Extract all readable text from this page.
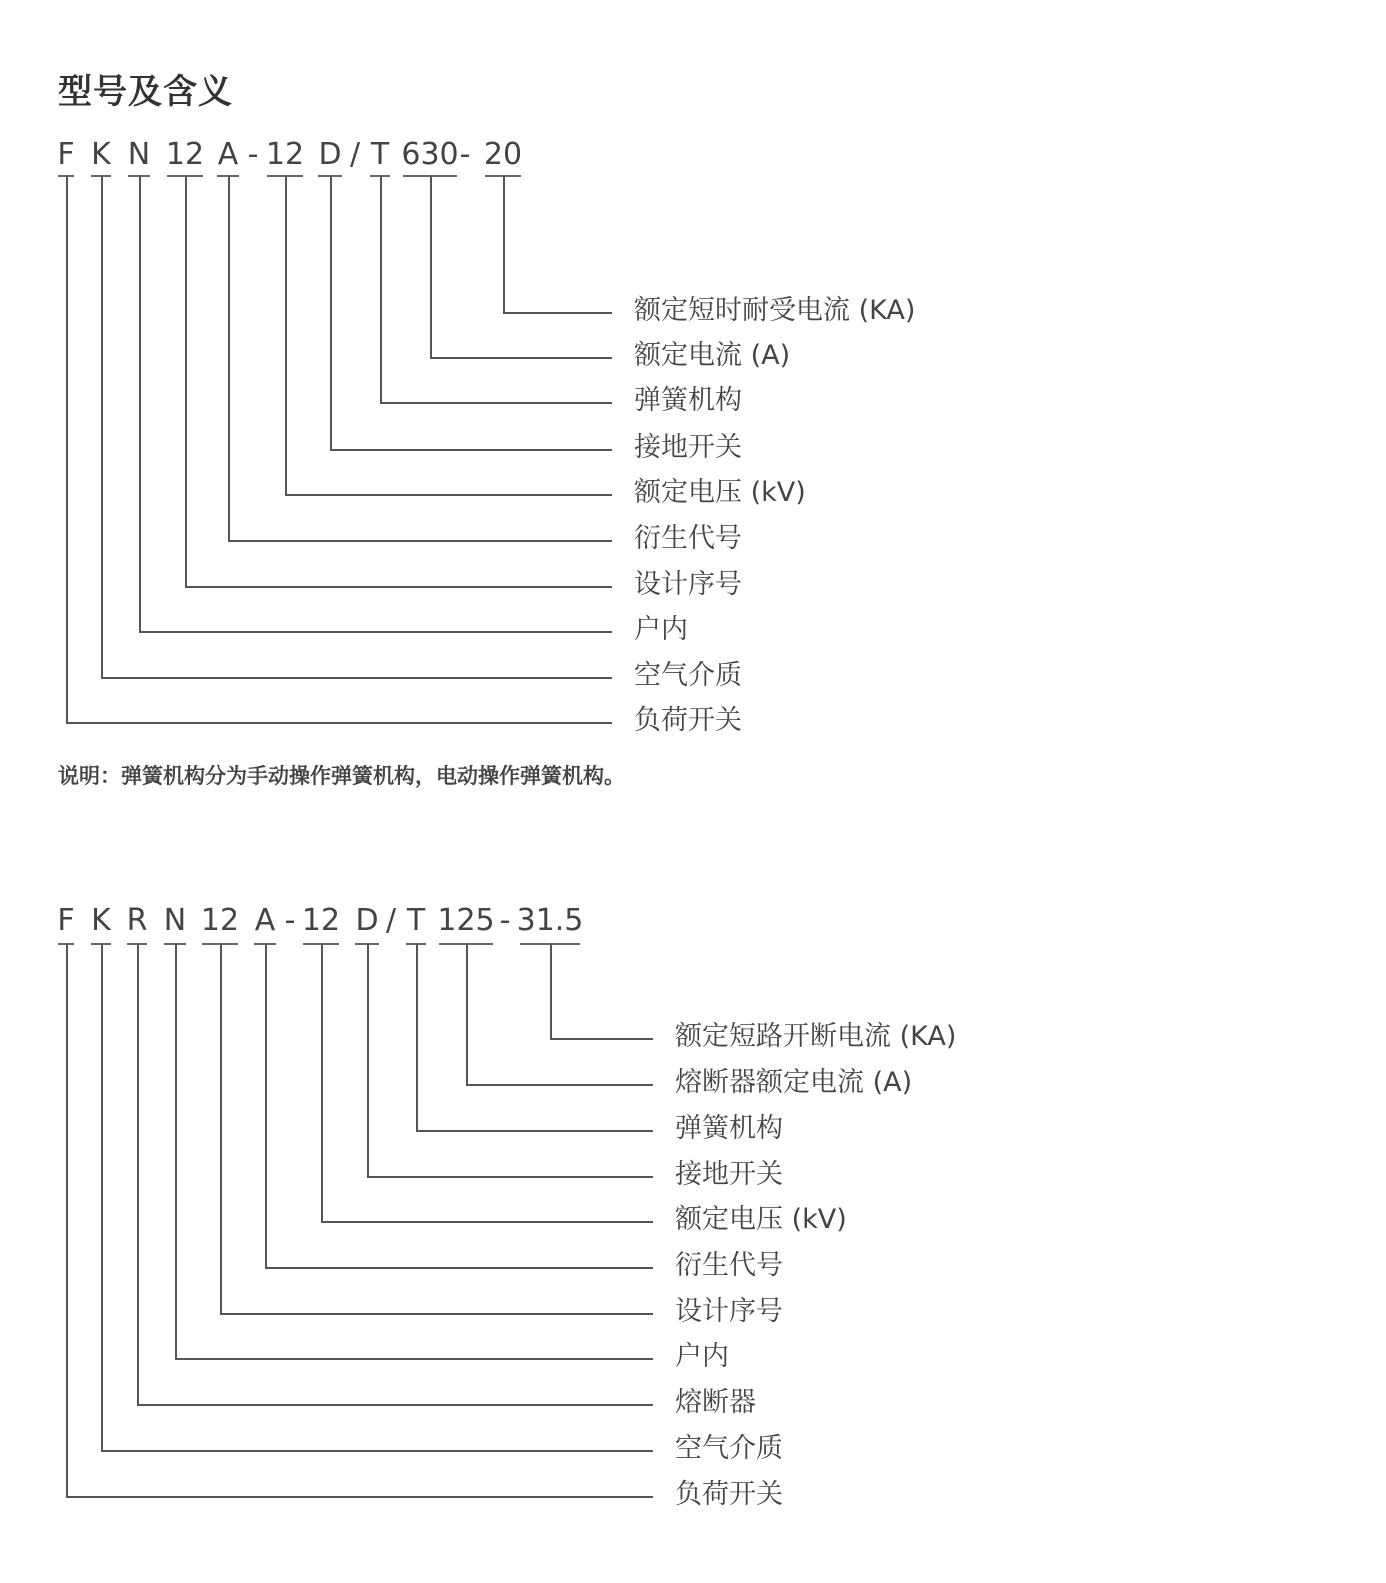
型号及含义
F K N 12 A - 12 D / T 630 - 20
额定短时耐受电流 (KA)
额定电流 (A)
弹簧机构
接地开关
额定电压 (kV)
衍生代号
设计序号
户内
空气介质
负荷开关
F K R N 12 A - 12 D / T 125 - 31.5
额定短路开断电流 (KA)
熔断器额定电流 (A)
弹簧机构
接地开关
额定电压 (kV)
衍生代号
设计序号
户内
熔断器
空气介质
负荷开关
说明：弹簧机构分为手动操作弹簧机构，电动操作弹簧机构。
